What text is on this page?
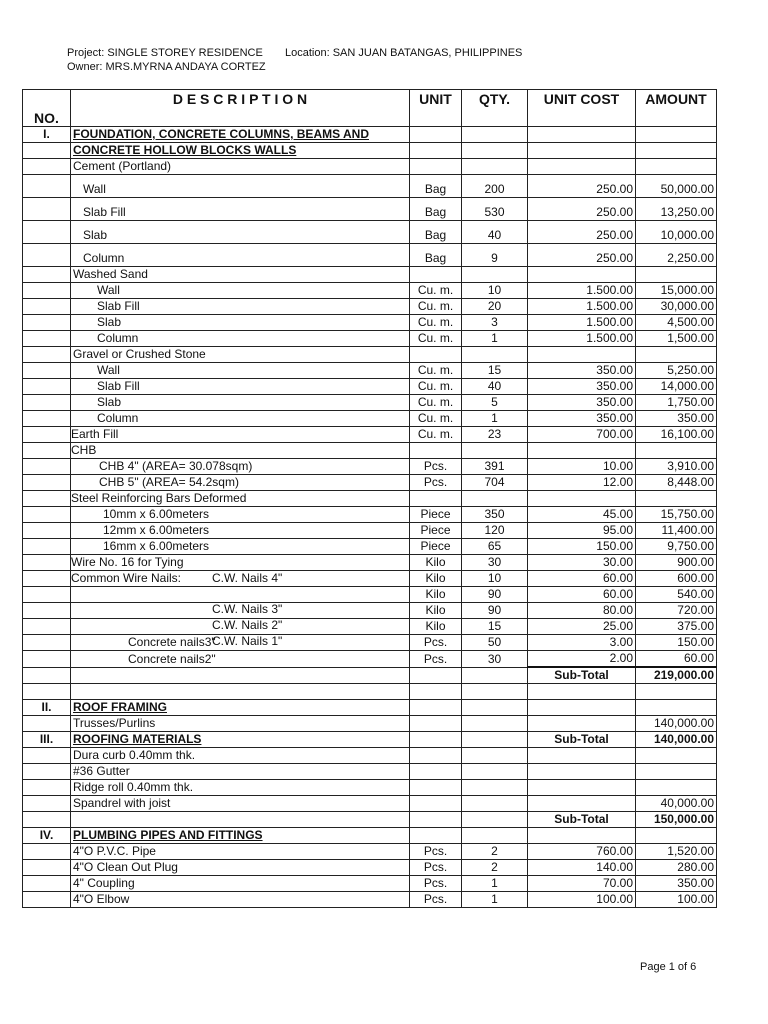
Project: SINGLE STOREY RESIDENCE Location: SAN JUAN BATANGAS, PHILIPPINES
Owner: MRS.MYRNA ANDAYA CORTEZ
NO.	D E S C R I P T I O N	UNIT	QTY.	UNIT COST	AMOUNT
I.	FOUNDATION, CONCRETE COLUMNS, BEAMS AND				
	CONCRETE HOLLOW BLOCKS WALLS				
	Cement (Portland)				
	Wall	Bag	200	250.00	50,000.00
	Slab Fill	Bag	530	250.00	13,250.00
	Slab	Bag	40	250.00	10,000.00
	Column	Bag	9	250.00	2,250.00
	Washed Sand				
	Wall	Cu. m.	10	1.500.00	15,000.00
	Slab Fill	Cu. m.	20	1.500.00	30,000.00
	Slab	Cu. m.	3	1.500.00	4,500.00
	Column	Cu. m.	1	1.500.00	1,500.00
	Gravel or Crushed Stone				
	Wall	Cu. m.	15	350.00	5,250.00
	Slab Fill	Cu. m.	40	350.00	14,000.00
	Slab	Cu. m.	5	350.00	1,750.00
	Column	Cu. m.	1	350.00	350.00
	Earth Fill	Cu. m.	23	700.00	16,100.00
	CHB				
	CHB 4" (AREA= 30.078sqm)	Pcs.	391	10.00	3,910.00
	CHB 5" (AREA= 54.2sqm)	Pcs.	704	12.00	8,448.00
	Steel Reinforcing Bars Deformed				
	10mm x 6.00meters	Piece	350	45.00	15,750.00
	12mm x 6.00meters	Piece	120	95.00	11,400.00
	16mm x 6.00meters	Piece	65	150.00	9,750.00
	Wire No. 16 for Tying	Kilo	30	30.00	900.00
	Common Wire Nails: C.W. Nails 4"	Kilo	10	60.00	600.00

	C.W. Nails 3"	Kilo	90	60.00	540.00

	C.W. Nails 2"	Kilo	90	80.00	720.00

	C.W. Nails 1"	Kilo	15	25.00	375.00
	Concrete nails3"	Pcs.	50	3.00	150.00
	Concrete nails2"	Pcs.	30	2.00	60.00
				Sub-Total	219,000.00

II.	ROOF FRAMING				
	Trusses/Purlins				140,000.00
III.	ROOFING MATERIALS			Sub-Total	140,000.00
	Dura curb 0.40mm thk.				
	#36 Gutter				
	Ridge roll 0.40mm thk.				
	Spandrel with joist				40,000.00
				Sub-Total	150,000.00
IV.	PLUMBING PIPES AND FITTINGS				
	4"O P.V.C. Pipe	Pcs.	2	760.00	1,520.00
	4"O Clean Out Plug	Pcs.	2	140.00	280.00
	4" Coupling	Pcs.	1	70.00	350.00
	4"O Elbow	Pcs.	1	100.00	100.00
Page 1 of 6
